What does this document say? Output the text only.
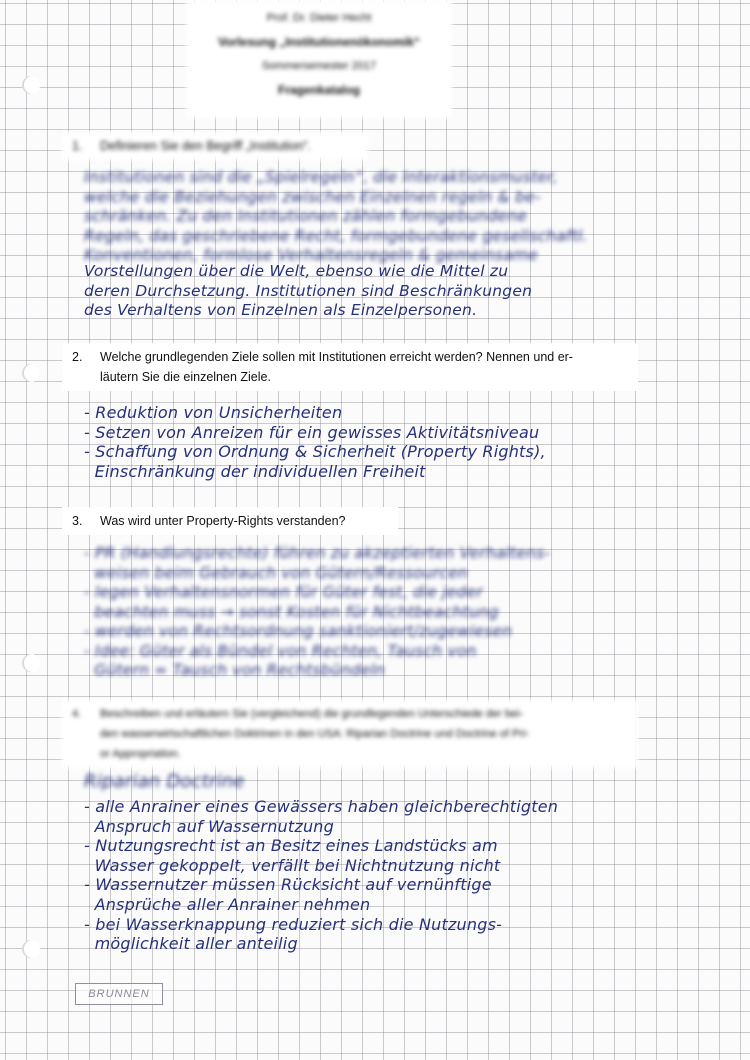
Prof. Dr. Dieter Hecht
Vorlesung „Institutionenökonomik“
Sommersemester 2017
Fragenkatalog
1. Definieren Sie den Begriff „Institution“.
Institutionen sind die „Spielregeln“, die Interaktionsmuster,
welche die Beziehungen zwischen Einzelnen regeln & be-
schränken. Zu den Institutionen zählen formgebundene
Regeln, das geschriebene Recht, formgebundene gesellschaftl.
Konventionen, formlose Verhaltensregeln & gemeinsame
Vorstellungen über die Welt, ebenso wie die Mittel zu
deren Durchsetzung. Institutionen sind Beschränkungen
des Verhaltens von Einzelnen als Einzelpersonen.
2. Welche grundlegenden Ziele sollen mit Institutionen erreicht werden? Nennen und er-
läutern Sie die einzelnen Ziele.
- Reduktion von Unsicherheiten
- Setzen von Anreizen für ein gewisses Aktivitätsniveau
- Schaffung von Ordnung & Sicherheit (Property Rights),
Einschränkung der individuellen Freiheit
3. Was wird unter Property-Rights verstanden?
- PR (Handlungsrechte) führen zu akzeptierten Verhaltens-
weisen beim Gebrauch von Gütern/Ressourcen
- legen Verhaltensnormen für Güter fest, die jeder
beachten muss → sonst Kosten für Nichtbeachtung
- werden von Rechtsordnung sanktioniert/zugewiesen
- Idee: Güter als Bündel von Rechten, Tausch von
Gütern = Tausch von Rechtsbündeln
4. Beschreiben und erläutern Sie (vergleichend) die grundlegenden Unterschiede der bei-
den wasserwirtschaftlichen Doktrinen in den USA: Riparian Doctrine und Doctrine of Pri-
or Appropriation.
Riparian Doctrine
- alle Anrainer eines Gewässers haben gleichberechtigten
Anspruch auf Wassernutzung
- Nutzungsrecht ist an Besitz eines Landstücks am
Wasser gekoppelt, verfällt bei Nichtnutzung nicht
- Wassernutzer müssen Rücksicht auf vernünftige
Ansprüche aller Anrainer nehmen
- bei Wasserknappung reduziert sich die Nutzungs-
möglichkeit aller anteilig
BRUNNEN
